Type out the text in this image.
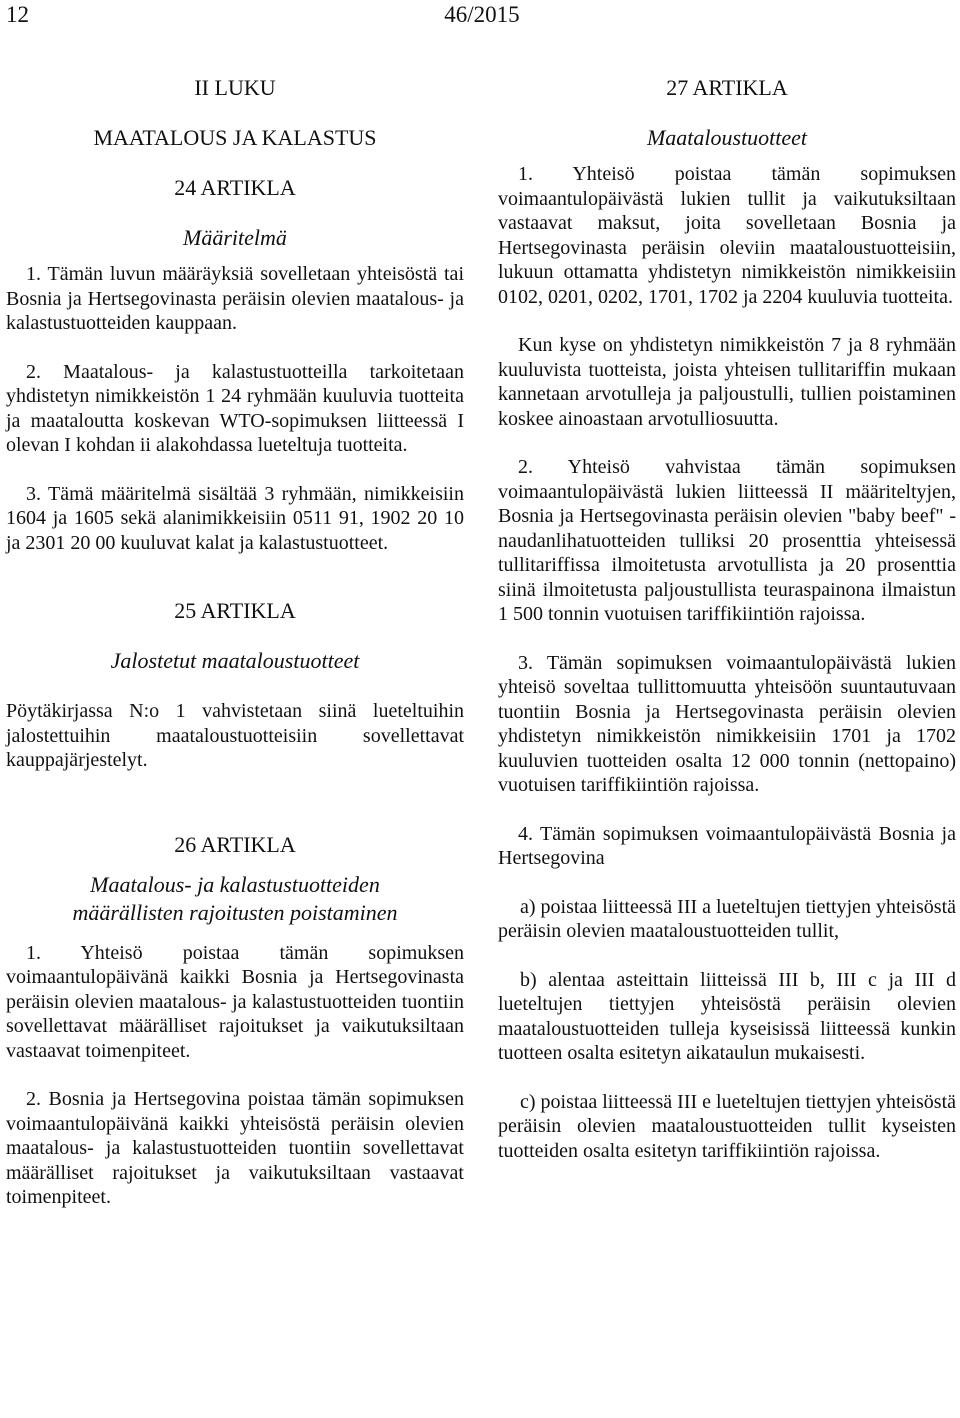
12	46/2015

II LUKU

MAATALOUS JA KALASTUS

24 ARTIKLA

Määritelmä

1. Tämän luvun määräyksiä sovelletaan yhteisöstä tai Bosnia ja Hertsegovinasta peräisin olevien maatalous- ja kalastustuotteiden kauppaan.

2. Maatalous- ja kalastustuotteilla tarkoitetaan yhdistetyn nimikkeistön 1 24 ryhmään kuuluvia tuotteita ja maataloutta koskevan WTO-sopimuksen liitteessä I olevan I kohdan ii alakohdassa lueteltuja tuotteita.

3. Tämä määritelmä sisältää 3 ryhmään, nimikkeisiin 1604 ja 1605 sekä alanimikkeisiin 0511 91, 1902 20 10 ja 2301 20 00 kuuluvat kalat ja kalastustuotteet.

25 ARTIKLA

Jalostetut maataloustuotteet

Pöytäkirjassa N:o 1 vahvistetaan siinä lueteltuihin jalostettuihin maataloustuotteisiin sovellettavat kauppajärjestelyt.

26 ARTIKLA

Maatalous- ja kalastustuotteiden

määrällisten rajoitusten poistaminen

1. Yhteisö poistaa tämän sopimuksen voimaantulopäivänä kaikki Bosnia ja Hertsegovinasta peräisin olevien maatalous- ja kalastustuotteiden tuontiin sovellettavat määrälliset rajoitukset ja vaikutuksiltaan vastaavat toimenpiteet.

2. Bosnia ja Hertsegovina poistaa tämän sopimuksen voimaantulopäivänä kaikki yhteisöstä peräisin olevien maatalous- ja kalastustuotteiden tuontiin sovellettavat määrälliset rajoitukset ja vaikutuksiltaan vastaavat toimenpiteet.

27 ARTIKLA

Maataloustuotteet

1. Yhteisö poistaa tämän sopimuksen voimaantulopäivästä lukien tullit ja vaikutuksiltaan vastaavat maksut, joita sovelletaan Bosnia ja Hertsegovinasta peräisin oleviin maataloustuotteisiin, lukuun ottamatta yhdistetyn nimikkeistön nimikkeisiin 0102, 0201, 0202, 1701, 1702 ja 2204 kuuluvia tuotteita.

Kun kyse on yhdistetyn nimikkeistön 7 ja 8 ryhmään kuuluvista tuotteista, joista yhteisen tullitariffin mukaan kannetaan arvotulleja ja paljoustulli, tullien poistaminen koskee ainoastaan arvotulliosuutta.

2. Yhteisö vahvistaa tämän sopimuksen voimaantulopäivästä lukien liitteessä II määriteltyjen, Bosnia ja Hertsegovinasta peräisin olevien "baby beef" -naudanlihatuotteiden tulliksi 20 prosenttia yhteisessä tullitariffissa ilmoitetusta arvotullista ja 20 prosenttia siinä ilmoitetusta paljoustullista teuraspainona ilmaistun 1 500 tonnin vuotuisen tariffikiintiön rajoissa.

3. Tämän sopimuksen voimaantulopäivästä lukien yhteisö soveltaa tullittomuutta yhteisöön suuntautuvaan tuontiin Bosnia ja Hertsegovinasta peräisin olevien yhdistetyn nimikkeistön nimikkeisiin 1701 ja 1702 kuuluvien tuotteiden osalta 12 000 tonnin (nettopaino) vuotuisen tariffikiintiön rajoissa.

4. Tämän sopimuksen voimaantulopäivästä Bosnia ja Hertsegovina

a) poistaa liitteessä III a lueteltujen tiettyjen yhteisöstä peräisin olevien maataloustuotteiden tullit,

b) alentaa asteittain liitteissä III b, III c ja III d lueteltujen tiettyjen yhteisöstä peräisin olevien maataloustuotteiden tulleja kyseisissä liitteessä kunkin tuotteen osalta esitetyn aikataulun mukaisesti.

c) poistaa liitteessä III e lueteltujen tiettyjen yhteisöstä peräisin olevien maataloustuotteiden tullit kyseisten tuotteiden osalta esitetyn tariffikiintiön rajoissa.
